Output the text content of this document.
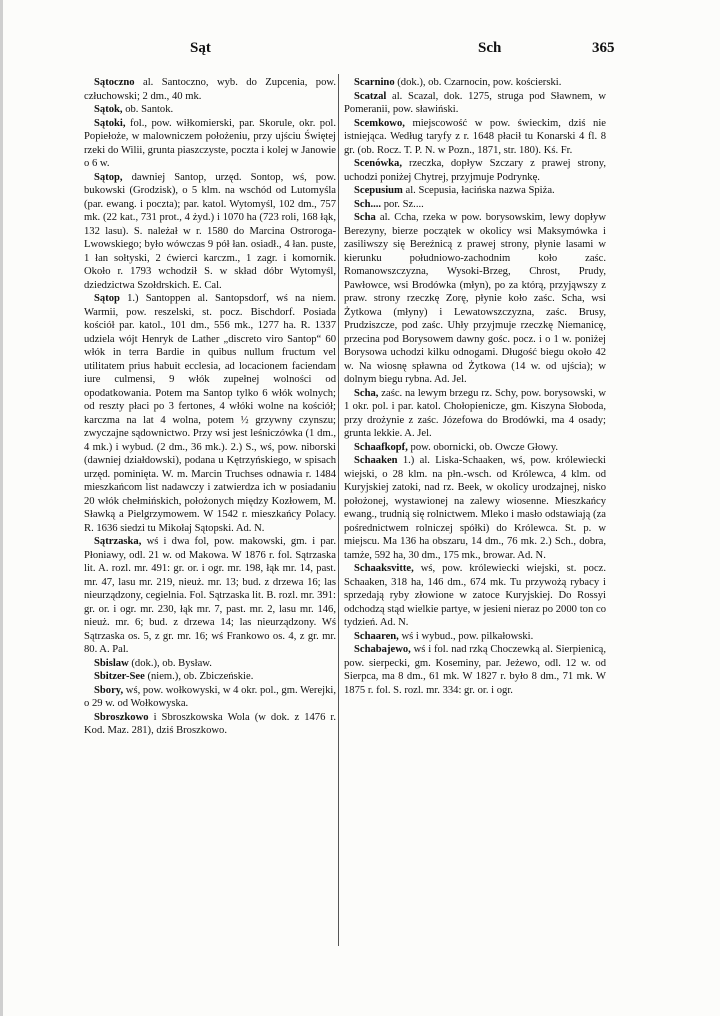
Sąt	Sch	365

Sątoczno al. Santoczno, wyb. do Zupcenia, pow. człuchowski; 2 dm., 40 mk.

Sątok, ob. Santok.

Sątoki, fol., pow. wiłkomierski, par. Skorule, okr. pol. Popiełoże, w malowniczem położeniu, przy ujściu Świętej rzeki do Wilii, grunta piaszczyste, poczta i kolej w Janowie o 6 w.

Sątop, dawniej Santop, urzęd. Sontop, wś, pow. bukowski (Grodzisk), o 5 klm. na wschód od Lutomyśla (par. ewang. i poczta); par. katol. Wytomyśl, 102 dm., 757 mk. (22 kat., 731 prot., 4 żyd.) i 1070 ha (723 roli, 168 łąk, 132 lasu). S. należał w r. 1580 do Marcina Ostroroga-Lwowskiego; było wówczas 9 pół łan. osiadł., 4 łan. puste, 1 łan sołtyski, 2 ćwierci karczm., 1 zagr. i komornik. Około r. 1793 wchodził S. w skład dóbr Wytomyśl, dziedzictwa Szołdrskich. E. Cal.

Sątop 1.) Santoppen al. Santopsdorf, wś na niem. Warmii, pow. reszelski, st. pocz. Bischdorf. Posiada kościół par. katol., 101 dm., 556 mk., 1277 ha. R. 1337 udziela wójt Henryk de Lather „discreto viro Santop“ 60 włók in terra Bardie in quibus nullum fructum vel utilitatem prius habuit ecclesia, ad locacionem faciendam iure culmensi, 9 włók zupełnej wolności od opodatkowania. Potem ma Santop tylko 6 włók wolnych; od reszty płaci po 3 fertones, 4 włóki wolne na kościół; karczma na lat 4 wolna, potem ½ grzywny czynszu; zwyczajne sądownictwo. Przy wsi jest leśniczówka (1 dm., 4 mk.) i wybud. (2 dm., 36 mk.). 2.) S., wś, pow. niborski (dawniej działdowski), podana u Kętrzyńskiego, w spisach urzęd. pominięta. W. m. Marcin Truchses odnawia r. 1484 mieszkańcom list nadawczy i zatwierdza ich w posiadaniu 20 włók chełmińskich, położonych między Kozłowem, M. Sławką a Pielgrzymowem. W 1542 r. mieszkańcy Polacy. R. 1636 siedzi tu Mikołaj Sątopski. Ad. N.

Sątrzaska, wś i dwa fol, pow. makowski, gm. i par. Płoniawy, odl. 21 w. od Makowa. W 1876 r. fol. Sątrzaska lit. A. rozl. mr. 491: gr. or. i ogr. mr. 198, łąk mr. 14, past. mr. 47, lasu mr. 219, nieuż. mr. 13; bud. z drzewa 16; las nieurządzony, cegielnia. Fol. Sątrzaska lit. B. rozl. mr. 391: gr. or. i ogr. mr. 230, łąk mr. 7, past. mr. 2, lasu mr. 146, nieuż. mr. 6; bud. z drzewa 14; las nieurządzony. Wś Sątrzaska os. 5, z gr. mr. 16; wś Frankowo os. 4, z gr. mr. 80. A. Pal.

Sbislaw (dok.), ob. Bysław.

Sbitzer-See (niem.), ob. Zbiczeńskie.

Sbory, wś, pow. wołkowyski, w 4 okr. pol., gm. Werejki, o 29 w. od Wołkowyska.

Sbroszkowo i Sbroszkowska Wola (w dok. z 1476 r. Kod. Maz. 281), dziś Broszkowo.

Scarnino (dok.), ob. Czarnocin, pow. kościerski.

Scatzal al. Scazal, dok. 1275, struga pod Sławnem, w Pomeranii, pow. sławiński.

Scemkowo, miejscowość w pow. świeckim, dziś nie istniejąca. Według taryfy z r. 1648 płacił tu Konarski 4 fl. 8 gr. (ob. Rocz. T. P. N. w Pozn., 1871, str. 180). Kś. Fr.

Scenówka, rzeczka, dopływ Szczary z prawej strony, uchodzi poniżej Chytrej, przyjmuje Podrynkę.

Scepusium al. Scepusia, łacińska nazwa Spiża.

Sch.... por. Sz....

Scha al. Ccha, rzeka w pow. borysowskim, lewy dopływ Berezyny, bierze początek w okolicy wsi Maksymówka i zasiliwszy się Bereźnicą z prawej strony, płynie lasami w kierunku południowo-zachodnim koło zaśc. Romanowszczyzna, Wysoki-Brzeg, Chrost, Prudy, Pawłowce, wsi Brodówka (młyn), po za którą, przyjąwszy z praw. strony rzeczkę Zorę, płynie koło zaśc. Scha, wsi Żytkowa (młyny) i Lewatowszczyzna, zaśc. Brusy, Prudziszcze, pod zaśc. Uhły przyjmuje rzeczkę Niemanicę, przecina pod Borysowem dawny gośc. pocz. i o 1 w. poniżej Borysowa uchodzi kilku odnogami. Długość biegu około 42 w. Na wiosnę spławna od Żytkowa (14 w. od ujścia); w dolnym biegu rybna. Ad. Jel.

Scha, zaśc. na lewym brzegu rz. Schy, pow. borysowski, w 1 okr. pol. i par. katol. Chołopienicze, gm. Kiszyna Słoboda, przy drożynie z zaśc. Józefowa do Brodówki, ma 4 osady; grunta lekkie. A. Jel.

Schaafkopf, pow. obornicki, ob. Owcze Głowy.

Schaaken 1.) al. Liska-Schaaken, wś, pow. królewiecki wiejski, o 28 klm. na płn.-wsch. od Królewca, 4 klm. od Kuryjskiej zatoki, nad rz. Beek, w okolicy urodzajnej, nisko położonej, wystawionej na zalewy wiosenne. Mieszkańcy ewang., trudnią się rolnictwem. Mleko i masło odstawiają (za pośrednictwem rolniczej spółki) do Królewca. St. p. w miejscu. Ma 136 ha obszaru, 14 dm., 76 mk. 2.) Sch., dobra, tamże, 592 ha, 30 dm., 175 mk., browar. Ad. N.

Schaaksvitte, wś, pow. królewiecki wiejski, st. pocz. Schaaken, 318 ha, 146 dm., 674 mk. Tu przywożą rybacy i sprzedają ryby złowione w zatoce Kuryjskiej. Do Rossyi odchodzą stąd wielkie partye, w jesieni nieraz po 2000 ton co tydzień. Ad. N.

Schaaren, wś i wybud., pow. pilkałowski.

Schabajewo, wś i fol. nad rzką Choczewką al. Sierpienicą, pow. sierpecki, gm. Koseminy, par. Jeżewo, odl. 12 w. od Sierpca, ma 8 dm., 61 mk. W 1827 r. było 8 dm., 71 mk. W 1875 r. fol. S. rozl. mr. 334: gr. or. i ogr.
